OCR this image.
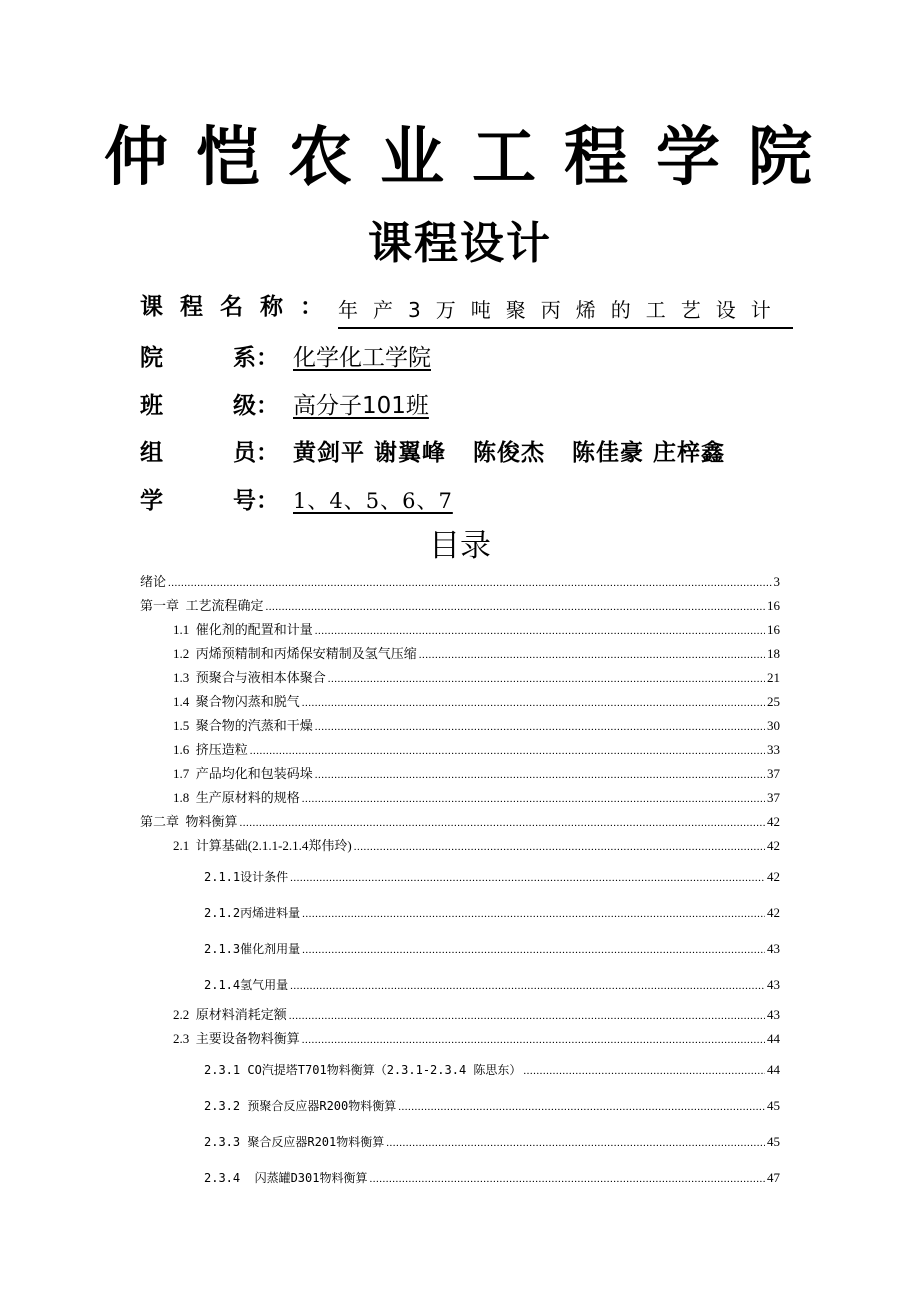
仲恺农业工程学院
课程设计
课程名称：
年产3万吨聚丙烯的工艺设计
院	系： 化学化工学院
班	级： 高分子101班
组	员： 黄剑平 谢翼峰   陈俊杰   陈佳豪 庄梓鑫
学	号： 1、4、5、6、7
目录
绪论 .....	3
第一章  工艺流程确定 .....	16
1.1  催化剂的配置和计量 .....	16
1.2  丙烯预精制和丙烯保安精制及氢气压缩 .....	18
1.3  预聚合与液相本体聚合 .....	21
1.4  聚合物闪蒸和脱气 .....	25
1.5  聚合物的汽蒸和干燥 .....	30
1.6  挤压造粒 .....	33
1.7  产品均化和包装码垛 .....	37
1.8  生产原材料的规格 .....	37
第二章  物料衡算 .....	42
2.1  计算基础(2.1.1-2.1.4郑伟玲) .....	42
2.1.1设计条件 .....	42
2.1.2丙烯进料量 .....	42
2.1.3催化剂用量 .....	43
2.1.4氢气用量 .....	43
2.2  原材料消耗定额 .....	43
2.3  主要设备物料衡算 .....	44
2.3.1 CO汽提塔T701物料衡算（2.3.1-2.3.4 陈思东） .....	44
2.3.2 预聚合反应器R200物料衡算 .....	45
2.3.3 聚合反应器R201物料衡算 .....	45
2.3.4  闪蒸罐D301物料衡算 .....	47
